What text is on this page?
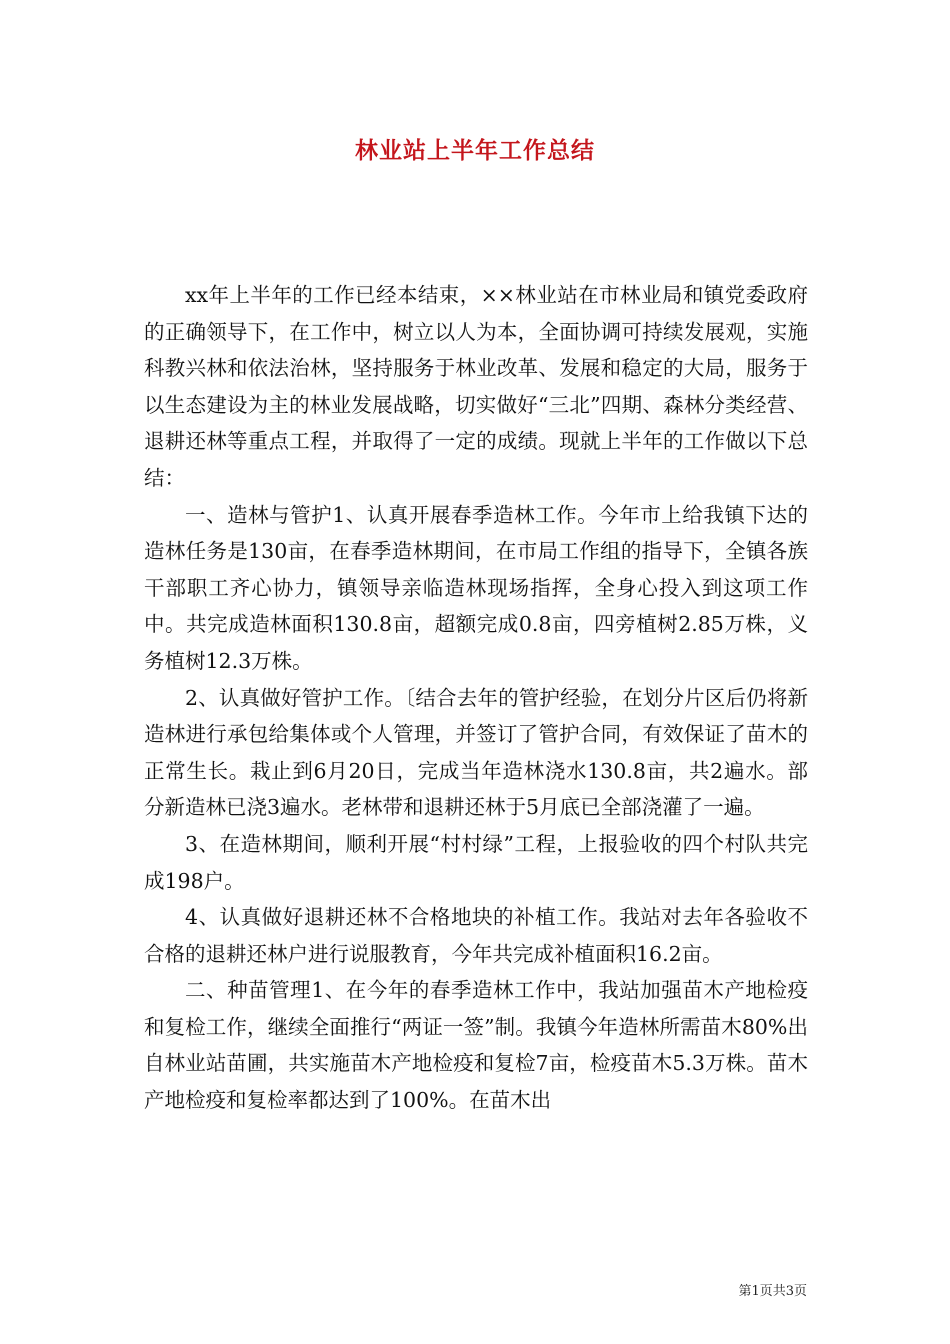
林业站上半年工作总结

xx年上半年的工作已经本结束，××林业站在市林业局和镇党委政府的正确领导下，在工作中，树立以人为本，全面协调可持续发展观，实施科教兴林和依法治林，坚持服务于林业改革、发展和稳定的大局，服务于以生态建设为主的林业发展战略，切实做好“三北”四期、森林分类经营、退耕还林等重点工程，并取得了一定的成绩。现就上半年的工作做以下总结：

一、造林与管护1、认真开展春季造林工作。今年市上给我镇下达的造林任务是130亩，在春季造林期间，在市局工作组的指导下，全镇各族干部职工齐心协力，镇领导亲临造林现场指挥，全身心投入到这项工作中。共完成造林面积130.8亩，超额完成0.8亩，四旁植树2.85万株，义务植树12.3万株。

2、认真做好管护工作。〔结合去年的管护经验，在划分片区后仍将新造林进行承包给集体或个人管理，并签订了管护合同，有效保证了苗木的正常生长。栽止到6月20日，完成当年造林浇水130.8亩，共2遍水。部分新造林已浇3遍水。老林带和退耕还林于5月底已全部浇灌了一遍。

3、在造林期间，顺利开展“村村绿”工程，上报验收的四个村队共完成198户。

4、认真做好退耕还林不合格地块的补植工作。我站对去年各验收不合格的退耕还林户进行说服教育，今年共完成补植面积16.2亩。

二、种苗管理1、在今年的春季造林工作中，我站加强苗木产地检疫和复检工作，继续全面推行“两证一签”制。我镇今年造林所需苗木80%出自林业站苗圃，共实施苗木产地检疫和复检7亩，检疫苗木5.3万株。苗木产地检疫和复检率都达到了100%。在苗木出

第1页共3页
